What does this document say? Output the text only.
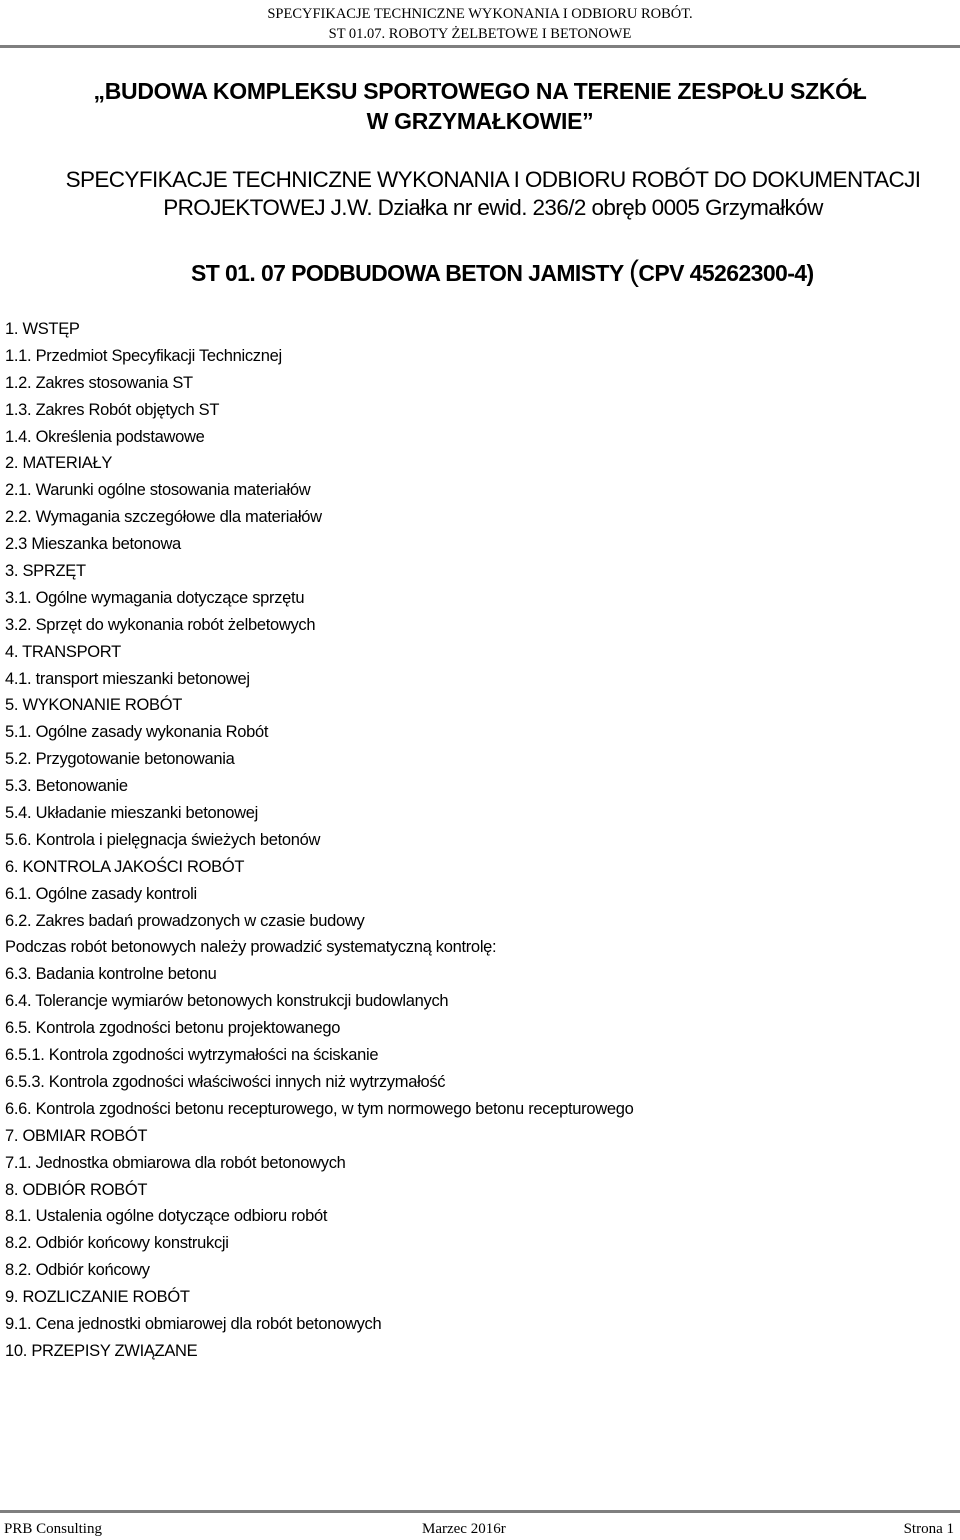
SPECYFIKACJE TECHNICZNE WYKONANIA I ODBIORU ROBÓT.
ST 01.07. ROBOTY ŻELBETOWE I BETONOWE
„BUDOWA KOMPLEKSU SPORTOWEGO NA TERENIE ZESPOŁU SZKÓŁ
W GRZYMAŁKOWIE”
SPECYFIKACJE TECHNICZNE WYKONANIA I ODBIORU ROBÓT DO DOKUMENTACJI
PROJEKTOWEJ J.W. Działka nr ewid. 236/2 obręb 0005 Grzymałków
ST 01. 07 PODBUDOWA BETON JAMISTY (CPV 45262300-4)
1. WSTĘP
1.1. Przedmiot Specyfikacji Technicznej
1.2. Zakres stosowania ST
1.3. Zakres Robót objętych ST
1.4. Określenia podstawowe
2. MATERIAŁY
2.1. Warunki ogólne stosowania materiałów
2.2. Wymagania szczegółowe dla materiałów
2.3 Mieszanka betonowa
3. SPRZĘT
3.1. Ogólne wymagania dotyczące sprzętu
3.2. Sprzęt do wykonania robót żelbetowych
4. TRANSPORT
4.1. transport mieszanki betonowej
5. WYKONANIE ROBÓT
5.1. Ogólne zasady wykonania Robót
5.2. Przygotowanie betonowania
5.3. Betonowanie
5.4. Układanie mieszanki betonowej
5.6. Kontrola i pielęgnacja świeżych betonów
6. KONTROLA JAKOŚCI ROBÓT
6.1. Ogólne zasady kontroli
6.2. Zakres badań prowadzonych w czasie budowy
Podczas robót betonowych należy prowadzić systematyczną kontrolę:
6.3. Badania kontrolne betonu
6.4. Tolerancje wymiarów betonowych konstrukcji budowlanych
6.5. Kontrola zgodności betonu projektowanego
6.5.1. Kontrola zgodności wytrzymałości na ściskanie
6.5.3. Kontrola zgodności właściwości innych niż wytrzymałość
6.6. Kontrola zgodności betonu recepturowego, w tym normowego betonu recepturowego
7. OBMIAR ROBÓT
7.1. Jednostka obmiarowa dla robót betonowych
8. ODBIÓR ROBÓT
8.1. Ustalenia ogólne dotyczące odbioru robót
8.2. Odbiór końcowy konstrukcji
8.2. Odbiór końcowy
9. ROZLICZANIE ROBÓT
9.1. Cena jednostki obmiarowej dla robót betonowych
10. PRZEPISY ZWIĄZANE
PRB Consulting	Marzec 2016r	Strona 1
